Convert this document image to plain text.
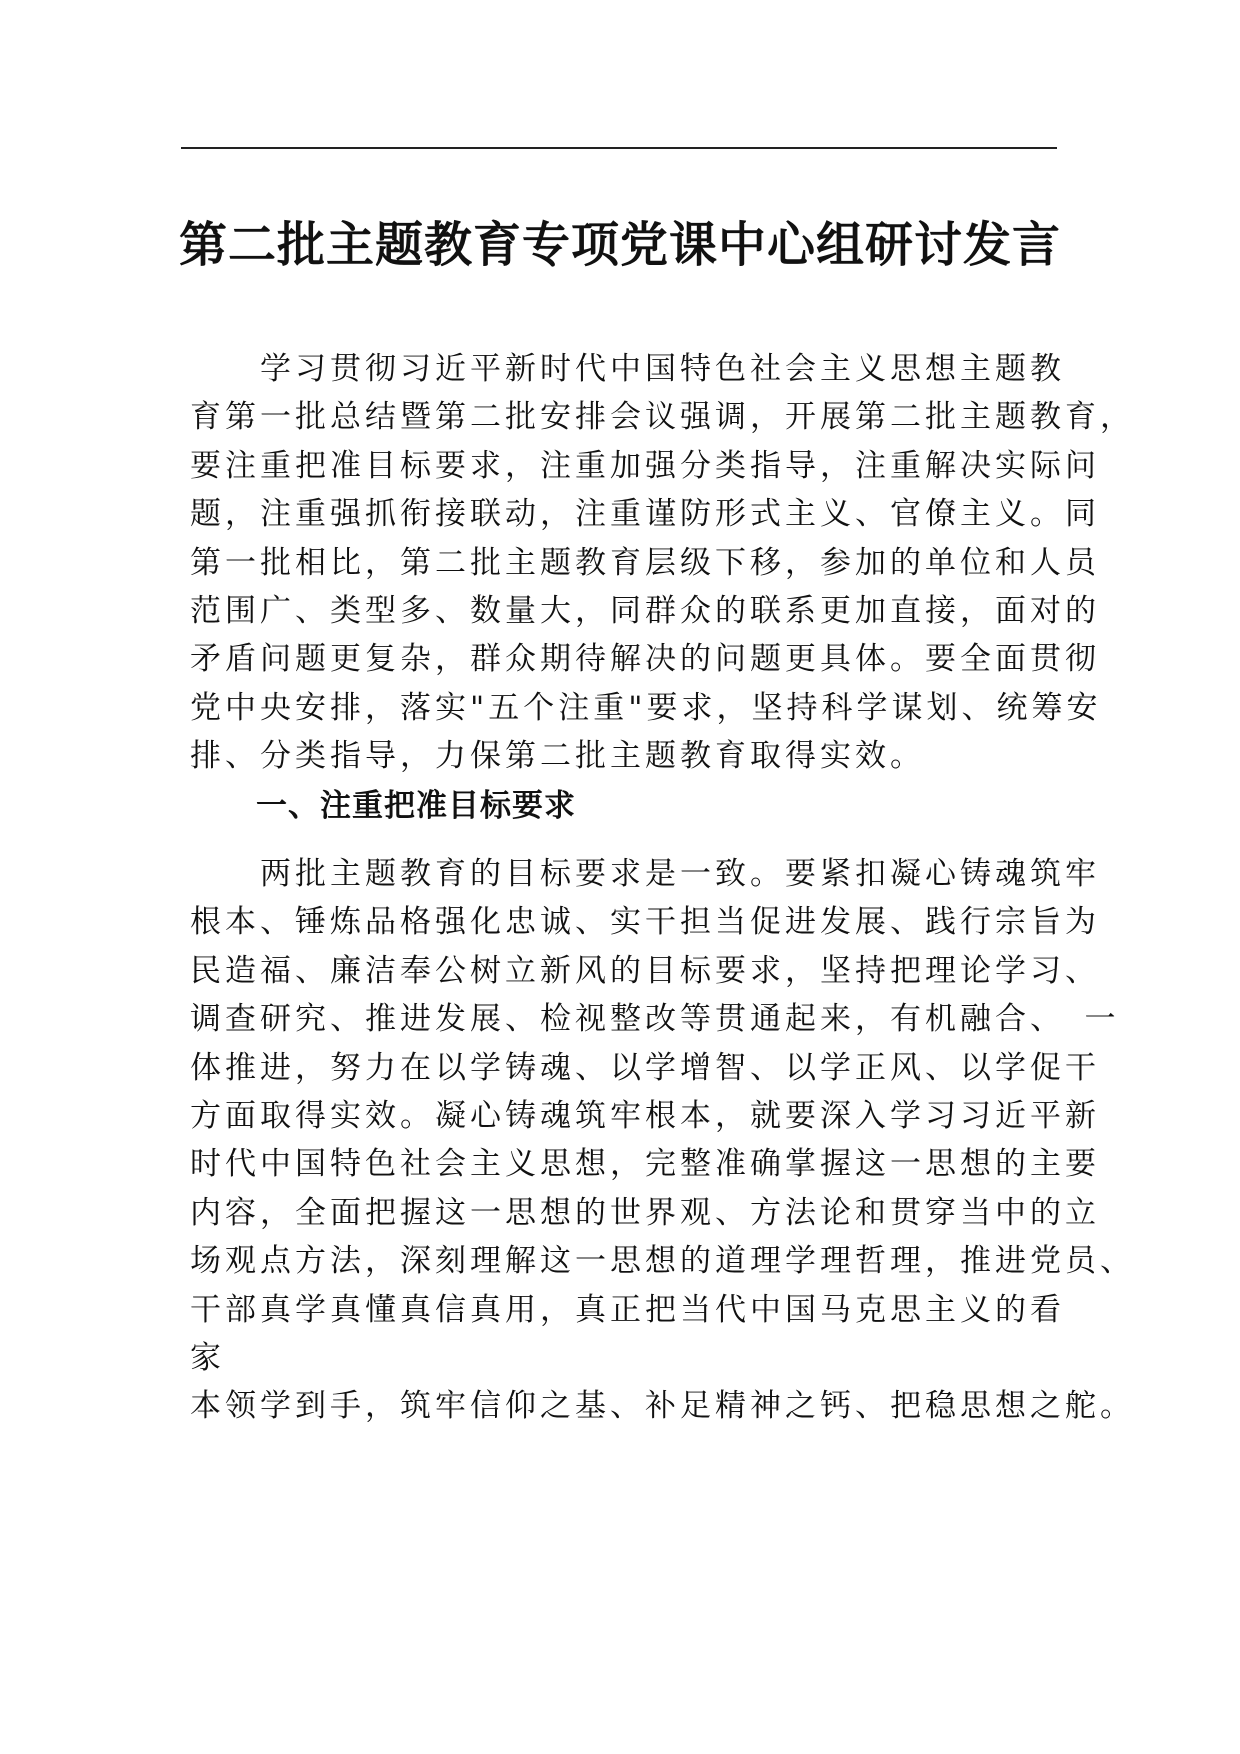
第二批主题教育专项党课中心组研讨发言
　　学习贯彻习近平新时代中国特色社会主义思想主题教
育第一批总结暨第二批安排会议强调，开展第二批主题教育，
要注重把准目标要求，注重加强分类指导，注重解决实际问
题，注重强抓衔接联动，注重谨防形式主义、官僚主义。同
第一批相比，第二批主题教育层级下移，参加的单位和人员
范围广、类型多、数量大，同群众的联系更加直接，面对的
矛盾问题更复杂，群众期待解决的问题更具体。要全面贯彻
党中央安排，落实"五个注重"要求，坚持科学谋划、统筹安
排、分类指导，力保第二批主题教育取得实效。
一、注重把准目标要求
　　两批主题教育的目标要求是一致。要紧扣凝心铸魂筑牢
根本、锤炼品格强化忠诚、实干担当促进发展、践行宗旨为
民造福、廉洁奉公树立新风的目标要求，坚持把理论学习、
调查研究、推进发展、检视整改等贯通起来，有机融合、　一
体推进，努力在以学铸魂、以学增智、以学正风、以学促干
方面取得实效。凝心铸魂筑牢根本，就要深入学习习近平新
时代中国特色社会主义思想，完整准确掌握这一思想的主要
内容，全面把握这一思想的世界观、方法论和贯穿当中的立
场观点方法，深刻理解这一思想的道理学理哲理，推进党员、
干部真学真懂真信真用，真正把当代中国马克思主义的看
家
本领学到手，筑牢信仰之基、补足精神之钙、把稳思想之舵。
